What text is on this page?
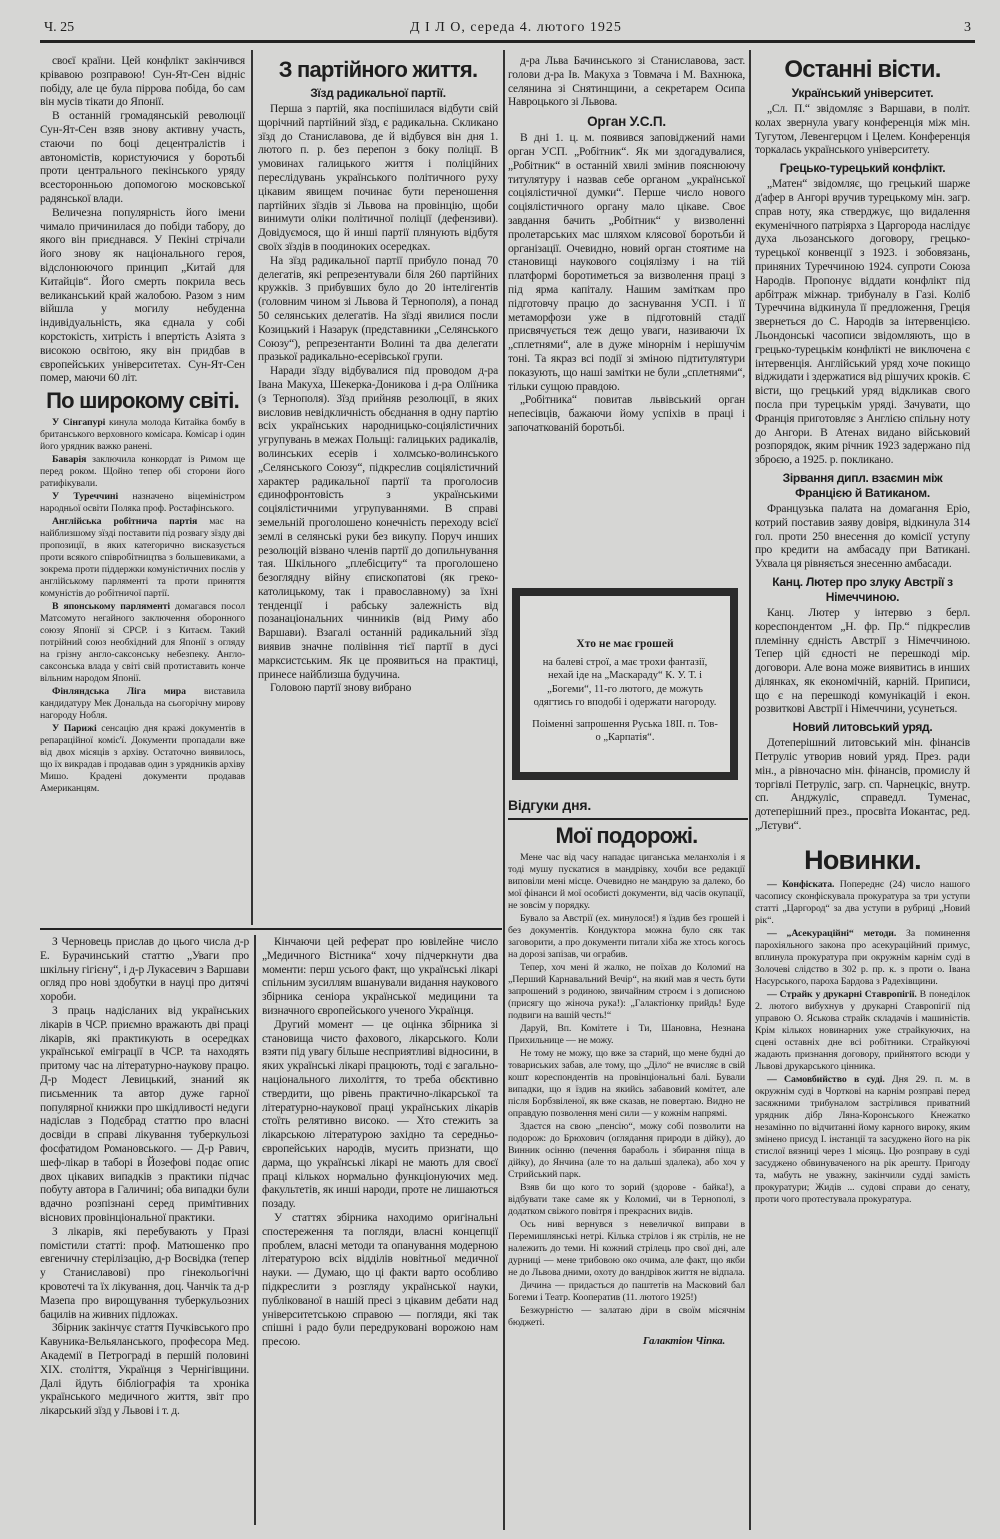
Ч. 25	Д І Л О, середа 4. лютого 1925	3

своєї країни. Цей конфлікт закінчився крівавою розправою! Сун-Ят-Сен відніс побіду, але це була піррова побіда, бо сам він мусів тікати до Японії.

В останній громадянській революції Сун-Ят-Сен взяв знову активну участь, стаючи по боці децентралістів і автономістів, користуючися у боротьбі проти центрального пекінського уряду всесторонньою допомогою московської радянської влади.

Величезна популярність його імени чимало причинилася до побіди табору, до якого він приєднався. У Пекіні стрічали його знову як національного героя, відслонюючого принцип „Китай для Китайців“. Його смерть покрила весь великанський край жалобою. Разом з ним війшла у могилу небуденна індивідуальність, яка єднала у собі корстокість, хитрість і впертість Азіята з високою освітою, яку він придбав в європейських університетах. Сун-Ят-Сен помер, маючи 60 літ.

По широкому світі.

У Сінгапурі кинула молода Китайка бомбу в британського верховного комісара. Комісар і один його урядник важко ранені.

Баварія заключила конкордат із Римом ще перед роком. Щойно тепер обі сторони його ратифікували.

У Туреччині назначено віцеміністром народньої освіти Поляка проф. Ростафінського.

Англійська робітнича партія має на найблизшому зїзді поставити під розвагу зїзду дві пропозиції, в яких категорично висказується проти всякого співробітництва з большевиками, а зокрема проти піддержки комуністичних послів у англійському парляменті та проти приняття комуністів до робітничої партії.

В японському парляменті домагався посол Матсомуто негайного заключення оборонного союзу Японії зі СРСР. і з Китаєм. Такий потрійний союз необхідний для Японії з огляду на грізну англо-саксонську небезпеку. Англо-саксонська влада у світі свій протиставить конче вільним народом Японії.

Фінляндська Ліга мира виставила кандидатуру Мек Дональда на сьогорічну мирову нагороду Нобля.

У Парижі сенсацію дня кражі документів в репараційної коміс'ї. Документи пропадали вже від двох місяців з архіву. Остаточно виявилось, що їх викрадав і продавав один з урядників архіву Мишо. Крадені документи продавав Американцям.

З партійного життя.
Зїзд радикальної партії.

Перша з партій, яка поспішилася відбути свій щорічний партійний зїзд, є радикальна. Скликано зїзд до Станиславова, де й відбувся він дня 1. лютого п. р. без перепон з боку поліції. В умовинах галицького життя і поліційних переслідувань українського політичного руху цікавим явищем починає бути переношення партійних зїздів зі Львова на провінцію, щоби винимути оліки політичної поліції (дефензиви). Довідуємося, що й инші партії плянують відбутя своїх зїздів в поодиноких осередках.

На зїзд радикальної партії прибуло понад 70 делегатів, які репрезентували біля 260 партійних кружків. З прибувших було до 20 інтелігентів (головним чином зі Львова й Тернополя), а понад 50 селянських делегатів. На зїзді явилися посли Козицький і Назарук (представники „Селянського Союзу“), репрезентанти Волині та два делегати празької радикально-есерівської групи.

Наради зїзду відбувалися під проводом д-ра Івана Макуха, Шекерка-Доникова і д-ра Оліїника (з Тернополя). Зїзд прийняв резолюції, в яких висловив невідкличність обєднання в одну партію всіх українських народницько-соціялістичних угрупувань в межах Польщі: галицьких радикалів, волинських есерів і холмсько-волинського „Селянського Союзу“, підкреслив соціялістичний характер радикальної партії та проголосив єдинофронтовість з українськими соціялістичними угрупуваннями. В справі земельній проголошено конечність переходу всієї землі в селянські руки без викупу. Поруч инших резолюцій візвано членів партії до допильнування тая. Шкільного „плебісциту“ та проголошено безоглядну війну єпископатові (як греко-католицькому, так і православному) за їхні тенденції і рабську залежність від позанаціональних чинників (від Риму або Варшави). Взагалі останній радикальний зїзд виявив значне полівіння тієї партії в дусі марксистським. Як це проявиться на практиці, принесе найблизша будучина.

Головою партії знову вибрано

д-ра Льва Бачинського зі Станиславова, заст. голови д-ра Ів. Макуха з Товмача і М. Вахнюка, селянина зі Снятинщини, а секретарем Осипа Навроцького зі Львова.

Орган У.С.П.

В дні 1. ц. м. появився заповіджений нами орган УСП. „Робітник“. Як ми здогадувалися, „Робітник“ в останній хвилі змінив пояснюючу титулятуру і назвав себе органом „української соціялістичної думки“. Перше число нового соціялістичного органу мало цікаве. Своє завдання бачить „Робітник“ у визволенні пролетарських мас шляхом клясової боротьби й організації. Очевидно, новий орган стоятиме на становищі наукового соціялізму і на тій платформі боротиметься за визволення праці з під ярма капіталу. Нашим заміткам про підготовчу працю до заснування УСП. і її метаморфози уже в підготовній стадії присвячується теж дещо уваги, називаючи їх „сплетнями“, але в дуже мінорнім і нерішучім тоні. Та якраз всі події зі зміною підтитулятури показують, що наші замітки не були „сплетнями“, тільки сущою правдою.

„Робітника“ повитав львівський орган непесівців, бажаючи йому успіхів в праці і започаткованій боротьбі.

Хто не має грошей
на балеві строї, а має трохи фантазії, нехай іде на „Маскараду“ К. У. Т. і „Богеми“, 11-го лютого, де можуть одягтись го вподобі і одержати нагороду.
Поіменні запрошення Руська 18ІІ. п. Тов-о „Карпатія“.
Відгуки дня.
Мої подорожі.

Мене час від часу нападає циганська меланхолія і я тоді мушу пускатися в мандрівку, хочби все редакції виповіли мені місце. Очевидно не мандрую за далеко, бо мої фінанси й мої особисті документи, від часів окупації, не зовсім у порядку.

Бувало за Австрії (ех. минулося!) я їздив без грошей і без документів. Кондуктора можна було сяк так заговорити, а про документи питали хіба же хтось когось на дорозі запізав, чи ограбив.

Тепер, хоч мені й жалко, не поїхав до Коломиї на „Перший Карнавальний Вечір“, на який мав я честь бути запрошений з родиною, звичайним строєм і з дописною (присягу що жіноча рука!): „Галактіонку прийдь! Буде подвиги на вашій честь!“

Даруй, Вп. Комітете і Ти, Шановна, Незнана Прихильнице — не можу.

Не тому не можу, що вже за старий, що мене будні до товариських забав, але тому, що „Діло“ не вчисляє в свій кошт кореспондентів на провінціональні балі. Бували випадки, що я їздив на якийсь забавовий комітет, але після Борбзвіленої, як вже сказав, не повертаю. Видно не оправдую позволення мені сили — у кожнім напрямі.

Здаєтся на свою „пенсію“, можу собі позволити на подорож: до Брюхович (оглядання природи в дійку), до Винник осінню (печення бараболь і збирання піща в дійку), до Янчина (але то на дальші здалека), або хоч у Стрийський парк.

Взяв би що кого то зорий (здорове - байка!), а відбувати таке саме як у Коломиї, чи в Тернополі, з додатком свіжого повітря і прекрасних видів.

Ось ниві вернувся з невеличкої виправи в Перемишлянські нетрі. Кілька стрілов і як стрілів, не не належить до теми. Ні кожний стрілець про свої дні, але дурниці — мене трибовою око очима, але факт, що якби не до Львова дними, охоту до вандрівок життя не відпала.

Дичина — придасться до паштетів на Масковий бал Богеми і Театр. Кооператив (11. лютого 1925!)

Безжурністю — залатаю діри в своїм місячнім бюджеті.

Галактіон Чіпка.
Останні вісти.
Український університет.

„Сл. П.“ звідомляє з Варшави, в політ. колах звернула увагу конференція між мін. Тугутом, Левенгерцом і Целем. Конференція торкалась українського університету.

Грецько-турецький конфлікт.

„Матен“ звідомляє, що грецький шарже д'афер в Ангорі вручив турецькому мін. загр. справ ноту, яка стверджує, що видалення екуменічного патріярха з Царгорода наслідує духа льозанського договору, грецько-турецької конвенції з 1923. і зобовязань, приняних Туреччиною 1924. супроти Союза Народів. Пропонує віддати конфлікт під арбітраж міжнар. трибуналу в Газі. Коліб Туреччина відкинула її предложення, Греція звернеться до С. Народів за інтервенцією. Льондонські часописи звідомляють, що в грецько-турецькім конфлікті не виключена є інтервенція. Англійський уряд хоче покищо віджидати і здержатися від рішучих кроків. Є вісти, що грецький уряд відкликав свого посла при турецькім уряді. Зачувати, що Франція приготовляє з Англією спільну ноту до Ангори. В Атенах видано військовий розпорядок, яким річник 1923 задержано під зброєю, а 1925. р. покликано.

Зірвання дипл. взаємин між Францією й Ватиканом.

Французька палата на домагання Еріо, котрий поставив заяву довіря, відкинула 314 гол. проти 250 внесення до комісії уступу про кредити на амбасаду при Ватикані. Ухвала ця рівняється знесенню амбасади.

Канц. Лютер про злуку Австрії з Німеччиною.

Канц. Лютер у інтервю з берл. кореспондентом „Н. фр. Пр.“ підкреслив племінну єдність Австрії з Німеччиною. Тепер цій єдності не перешкоді мір. договори. Але вона може виявитись в инших ділянках, як економічній, карній. Приписи, що є на перешкоді комунікацій і екон. розвиткові Австрії і Німеччини, усунеться.

Новий литовський уряд.

Дотеперішний литовський мін. фінансів Петруліс утворив новий уряд. През. ради мін., а рівночасно мін. фінансів, промислу й торгівлі Петруліс, загр. сп. Чарнецкіс, внутр. сп. Анджуліс, справедл. Туменас, дотеперішний през., просвіта Иокантас, ред. „Лєтуви“.

Новинки.

— Конфіската. Попереднє (24) число нашого часопису сконфіскувала прокуратура за три уступи статті „Царгород“ за два уступи в рубриці „Новий рік“.

— „Асекураційні“ методи. За поминення парохіяльного закона про асекураційний примус, вплинула прокуратура при окружнім карнім суді в Золочеві слідство в 302 р. пр. к. з проти о. Івана Насурського, пароха Бардова з Радехівщини.

— Страйк у друкарні Ставропігії. В понеділок 2. лютого вибухнув у друкарні Ставропігії під управою О. Яськова страйк складачів і машиністів. Крім кількох новинарних уже страйкуючих, на сцені оставніх дне всі робітники. Страйкуючі жадають признання договору, прийнятого всюди у Львові друкарського цінника.

— Самовбийство в суді. Дня 29. п. м. в окружнім суді в Чорткові на карнім розправі перед засяжними трибуналом застрілився приватний урядник дібр Ляна-Коронського Кнежатко незамінно по відчитанні йому карного вироку, яким змінено присуд І. інстанції та засуджено його на рік стислої вязниці через 1 місяць. Цю розправу в суді засуджено обвинуваченого на рік арешту. Пригоду та, мабуть не уважну, закінчили судді замість прокуратури; Жидів ... судові справи до сенату, проти чого протестувала прокуратура.

З Черновець прислав до цього числа д-р Е. Бурачинський статтю „Уваги про шкільну гігієну“, і д-р Лукасевич з Варшави огляд про нові здобутки в науці про дитячі хороби.

З праць надісланих від українських лікарів в ЧСР. приємно вражають дві праці лікарів, які практикують в осередках української еміграції в ЧСР. та находять притому час на літературно-наукову працю. Д-р Модест Левицький, знаний як письменник та автор дуже гарної популярної книжки про шкідливості недуги надіслав з Подєбрад статтю про власні досвіди в справі лікування туберкульозі фосфатидом Романовського. — Д-р Равич, шеф-лікар в таборі в Йозефові подає опис двох цікавих випадків з практики підчас побуту автора в Галичині; оба випадки були вдачно розпізнані серед примітивних віснових провінціональної практики.

З лікарів, які перебувають у Празі помістили статті: проф. Матюшенко про евгеничну стерілізацію, д-р Восвідка (тепер у Станиславові) про гінекольогічні кровотечі та їх лікування, доц. Чанчік та д-р Мазепа про вирощування туберкульозних бацилів на живних підложах.

Збірник закінчує стаття Пучківського про Кавуника-Вельяланського, професора Мед. Академії в Петрограді в першій половині XIX. століття, Українця з Чернігівщини. Далі йдуть бібліографія та хроніка українського медичного життя, звіт про лікарський зїзд у Львові і т. д.

Кінчаючи цей реферат про ювілейне число „Медичного Вістника“ хочу підчеркнути два моменти: перш усього факт, що українські лікарі спільним зусиллям вшанували видання наукового збірника сеніора української медицини та визначного європейського ученого Українця.

Другий момент — це оцінка збірника зі становища чисто фахового, лікарського. Коли взяти під увагу більше несприятливі відносини, в яких українські лікарі працюють, тоді є загально-національного лихоліття, то треба обєктивно ствердити, що рівень практично-лікарської та літературно-наукової праці українських лікарів стоїть релятивно високо. — Хто стежить за лікарською літературою західно та середньо-європейських народів, мусить признати, що дарма, що українські лікарі не мають для своєї праці кількох нормально функціонуючих мед. факультетів, як инші народи, проте не лишаються позаду.

У статтях збірника находимо оригінальні спостереження та погляди, власні концепції проблем, власні методи та опанування модерною літературою всіх відділів новітньої медичної науки. — Думаю, що ці факти варто особливо підкреслити з розгляду української науки, публікованої в нашій пресі з цікавим дебати над університетською справою — погляди, які так спішні і радо були передруковані ворожою нам пресою.
